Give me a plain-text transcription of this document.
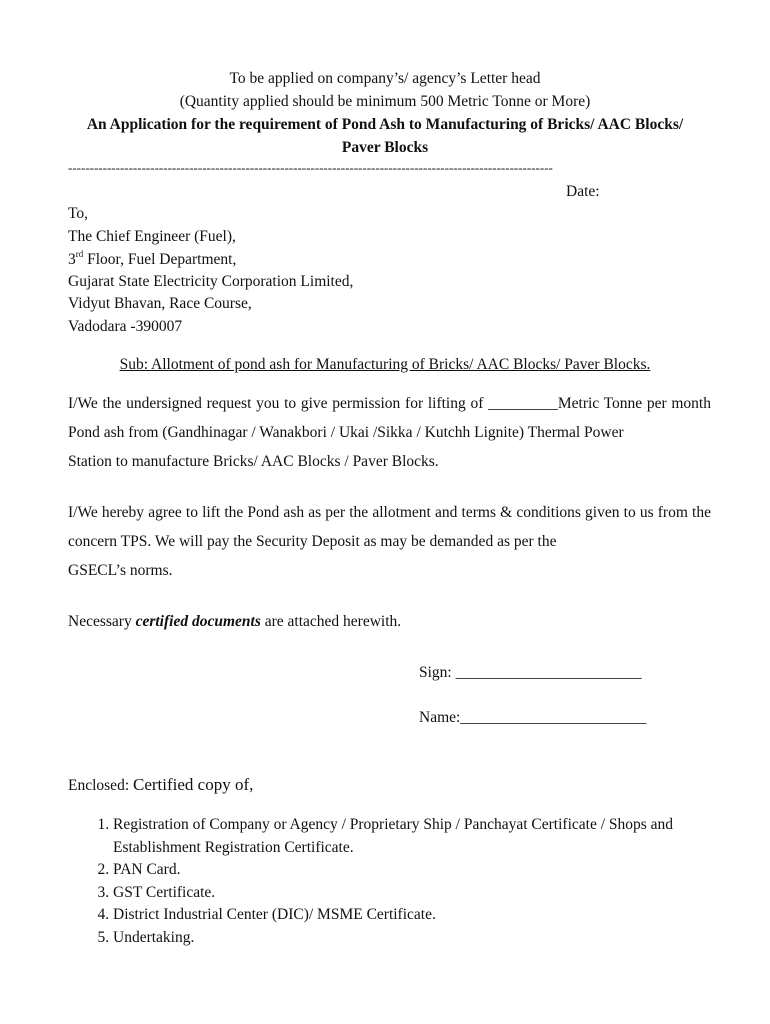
To be applied on company’s/ agency’s Letter head
(Quantity applied should be minimum 500 Metric Tonne or More)
An Application for the requirement of Pond Ash to Manufacturing of Bricks/ AAC Blocks/
Paver Blocks
----------------------------------------------------------------------------------------------------------------
Date:
To,
The Chief Engineer (Fuel),
3rd Floor, Fuel Department,
Gujarat State Electricity Corporation Limited,
Vidyut Bhavan, Race Course,
Vadodara -390007
Sub: Allotment of pond ash for Manufacturing of Bricks/ AAC Blocks/ Paver Blocks.
I/We the undersigned request you to give permission for lifting of _________Metric Tonne per month Pond ash from (Gandhinagar / Wanakbori / Ukai /Sikka / Kutchh Lignite) Thermal Power
Station to manufacture Bricks/ AAC Blocks / Paver Blocks.
I/We hereby agree to lift the Pond ash as per the allotment and terms & conditions given to us from the concern TPS. We will pay the Security Deposit as may be demanded as per the
GSECL’s norms.
Necessary certified documents are attached herewith.
Sign: ________________________
Name:________________________
Enclosed: Certified copy of,
1. Registration of Company or Agency / Proprietary Ship / Panchayat Certificate / Shops and Establishment Registration Certificate.
2. PAN Card.
3. GST Certificate.
4. District Industrial Center (DIC)/ MSME Certificate.
5. Undertaking.
